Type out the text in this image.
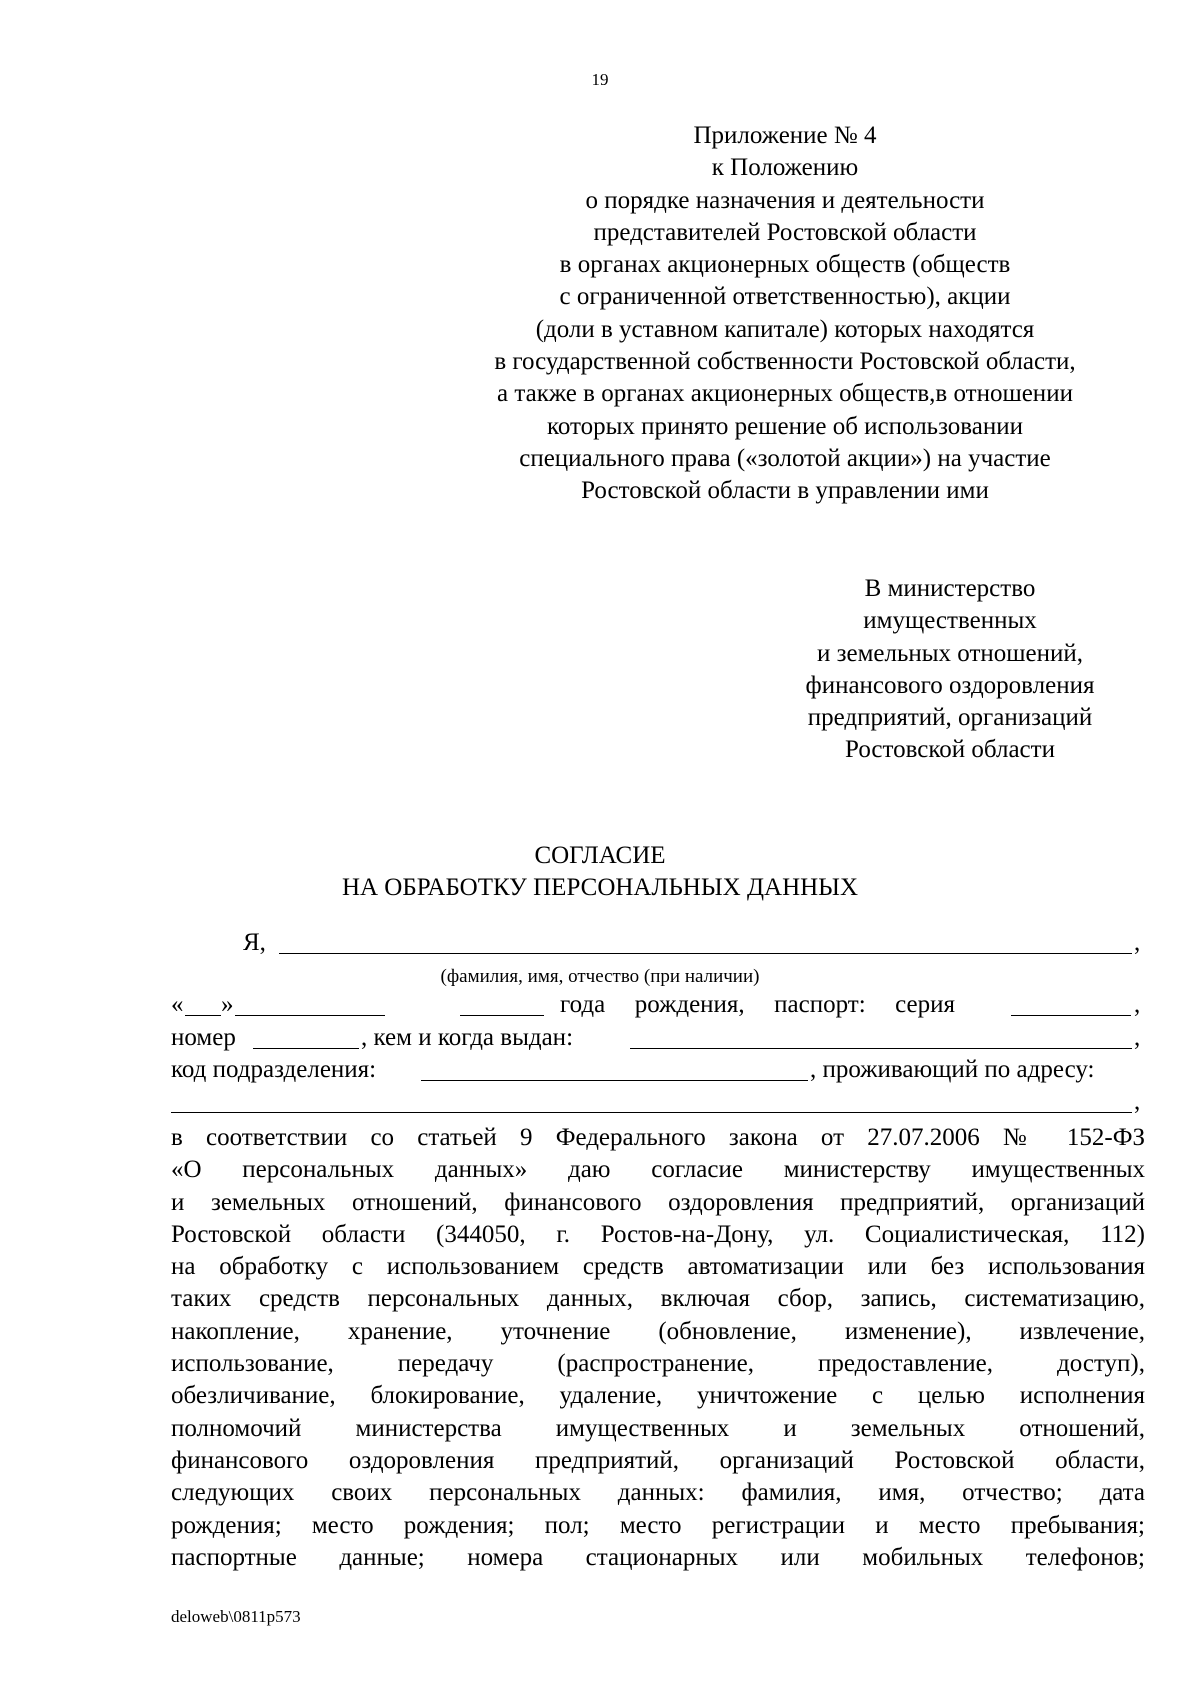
19
Приложение № 4
к Положению
о порядке назначения и деятельности
представителей Ростовской области
в органах акционерных обществ (обществ
с ограниченной ответственностью), акции
(доли в уставном капитале) которых находятся
в государственной собственности Ростовской области,
а также в органах акционерных обществ,в отношении
которых принято решение об использовании
специального права («золотой акции») на участие
Ростовской области в управлении ими
В министерство
имущественных
и земельных отношений,
финансового оздоровления
предприятий, организаций
Ростовской области
СОГЛАСИЕ
НА ОБРАБОТКУ ПЕРСОНАЛЬНЫХ ДАННЫХ
Я,	,
(фамилия, имя, отчество (при наличии)
« »	года рождения, паспорт: серия	,
номер	, кем и когда выдан:	,
код подразделения:	, проживающий по адресу:
,
в соответствии со статьей 9 Федерального закона от 27.07.2006 № 152-ФЗ
«О персональных данных» даю согласие министерству имущественных
и земельных отношений, финансового оздоровления предприятий, организаций
Ростовской области (344050, г. Ростов-на-Дону, ул. Социалистическая, 112)
на обработку с использованием средств автоматизации или без использования
таких средств персональных данных, включая сбор, запись, систематизацию,
накопление, хранение, уточнение (обновление, изменение), извлечение,
использование, передачу (распространение, предоставление, доступ),
обезличивание, блокирование, удаление, уничтожение с целью исполнения
полномочий министерства имущественных и земельных отношений,
финансового оздоровления предприятий, организаций Ростовской области,
следующих своих персональных данных: фамилия, имя, отчество; дата
рождения; место рождения; пол; место регистрации и место пребывания;
паспортные данные; номера стационарных или мобильных телефонов;
deloweb\0811p573
